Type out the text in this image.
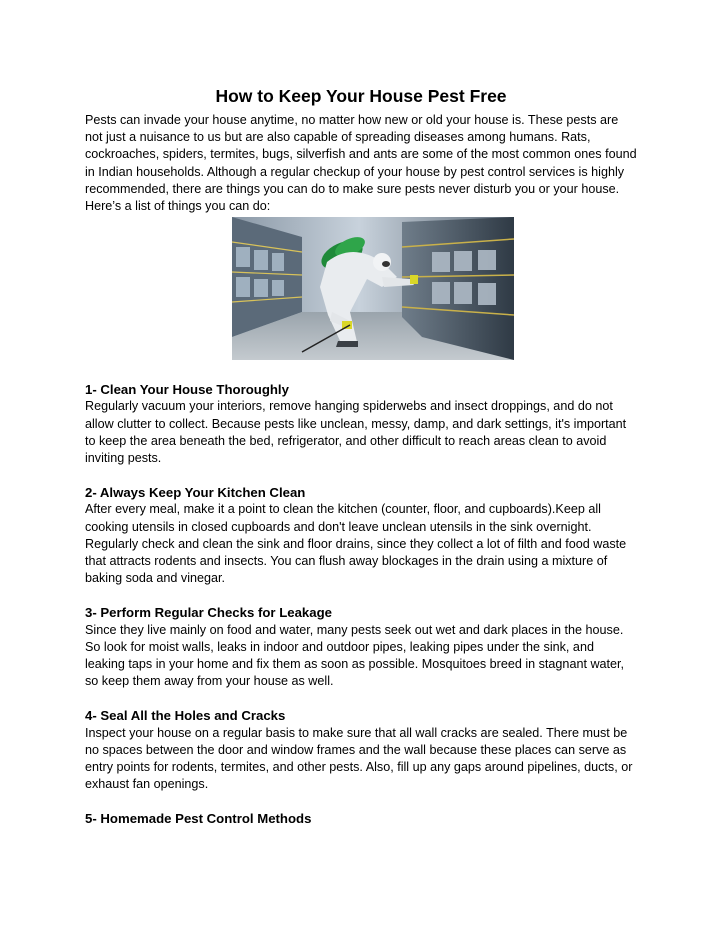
How to Keep Your House Pest Free

Pests can invade your house anytime, no matter how new or old your house is. These pests are not just a nuisance to us but are also capable of spreading diseases among humans. Rats, cockroaches, spiders, termites, bugs, silverfish and ants are some of the most common ones found in Indian households. Although a regular checkup of your house by pest control services is highly recommended, there are things you can do to make sure pests never disturb you or your house. Here’s a list of things you can do:

1- Clean Your House Thoroughly

Regularly vacuum your interiors, remove hanging spiderwebs and insect droppings, and do not allow clutter to collect. Because pests like unclean, messy, damp, and dark settings, it's important to keep the area beneath the bed, refrigerator, and other difficult to reach areas clean to avoid inviting pests.

2- Always Keep Your Kitchen Clean

After every meal, make it a point to clean the kitchen (counter, floor, and cupboards).Keep all cooking utensils in closed cupboards and don't leave unclean utensils in the sink overnight. Regularly check and clean the sink and floor drains, since they collect a lot of filth and food waste that attracts rodents and insects. You can flush away blockages in the drain using a mixture of baking soda and vinegar.

3- Perform Regular Checks for Leakage

Since they live mainly on food and water, many pests seek out wet and dark places in the house. So look for moist walls, leaks in indoor and outdoor pipes, leaking pipes under the sink, and leaking taps in your home and fix them as soon as possible. Mosquitoes breed in stagnant water, so keep them away from your house as well.

4- Seal All the Holes and Cracks

Inspect your house on a regular basis to make sure that all wall cracks are sealed. There must be no spaces between the door and window frames and the wall because these places can serve as entry points for rodents, termites, and other pests. Also, fill up any gaps around pipelines, ducts, or exhaust fan openings.

5- Homemade Pest Control Methods
